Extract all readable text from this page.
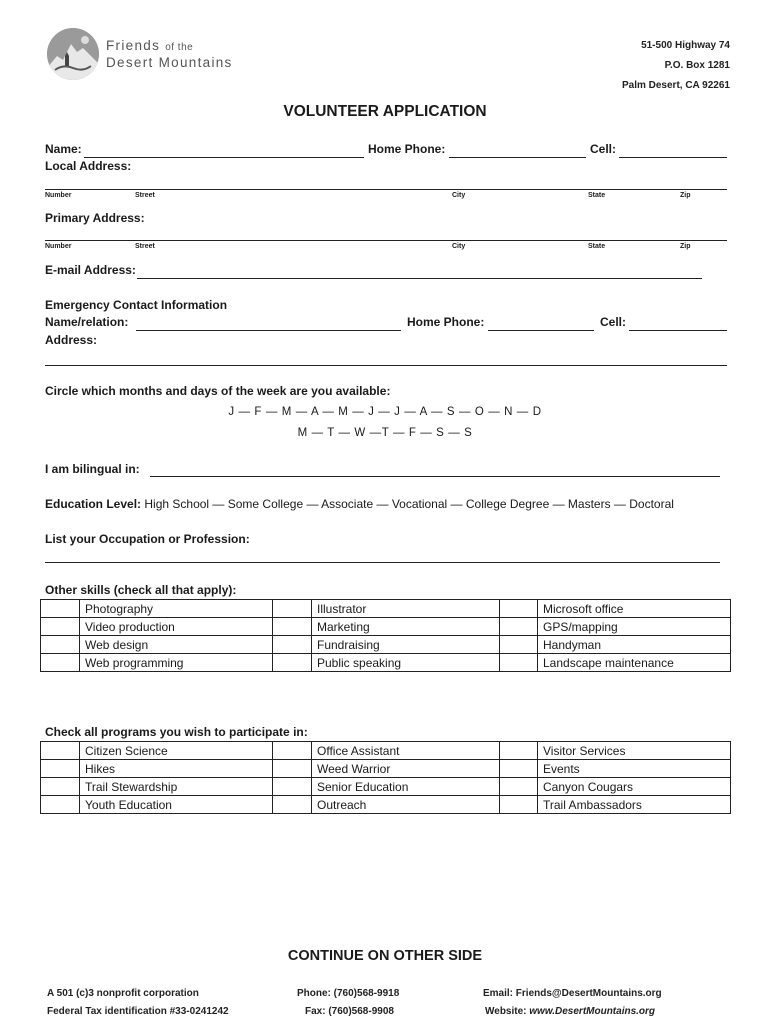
Friends of the
Desert Mountains
51-500 Highway 74
P.O. Box 1281
Palm Desert, CA 92261
VOLUNTEER APPLICATION
Name:	Home Phone:	Cell:
Local Address:
Number	Street	City	State	Zip
Primary Address:
Number	Street	City	State	Zip
E-mail Address:
Emergency Contact Information
Name/relation:	Home Phone:	Cell:
Address:
Circle which months and days of the week are you available:
J — F — M — A — M — J — J — A — S — O — N — D
M — T — W —T — F — S — S
I am bilingual in:
Education Level: High School — Some College — Associate — Vocational — College Degree — Masters — Doctoral
List your Occupation or Profession:
Other skills (check all that apply):
	Photography		Illustrator		Microsoft office
	Video production		Marketing		GPS/mapping
	Web design		Fundraising		Handyman
	Web programming		Public speaking		Landscape maintenance
Check all programs you wish to participate in:
	Citizen Science		Office Assistant		Visitor Services
	Hikes		Weed Warrior		Events
	Trail Stewardship		Senior Education		Canyon Cougars
	Youth Education		Outreach		Trail Ambassadors
CONTINUE ON OTHER SIDE
A 501 (c)3 nonprofit corporation
Federal Tax identification #33-0241242
Phone: (760)568-9918
Fax: (760)568-9908
Email: Friends@DesertMountains.org
Website: www.DesertMountains.org
